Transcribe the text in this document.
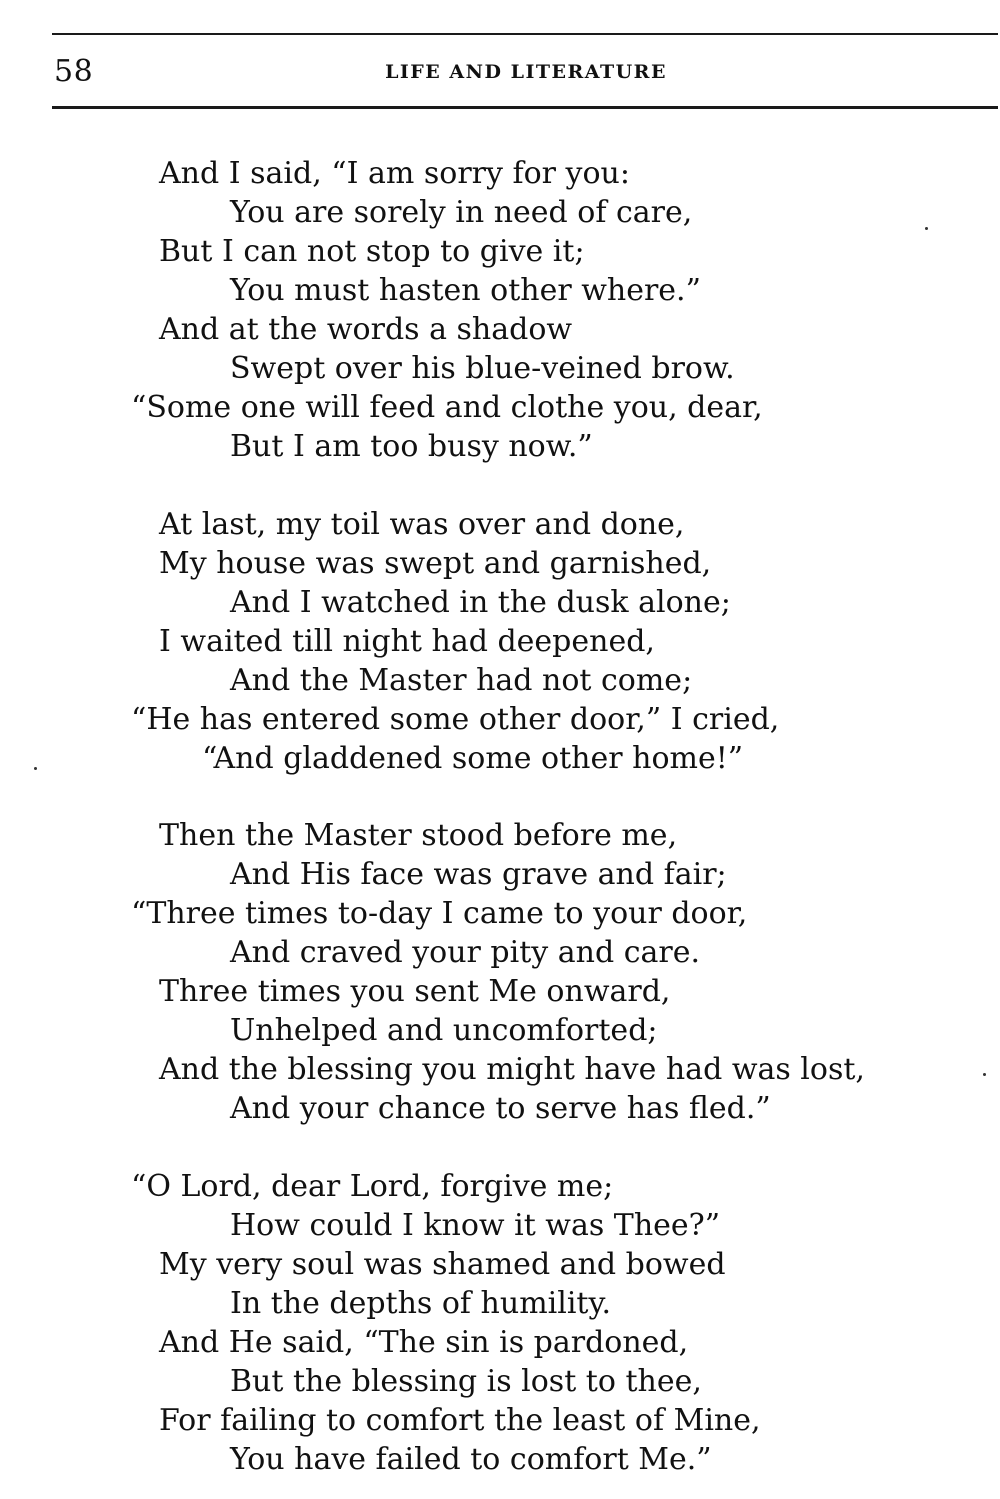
58	LIFE AND LITERATURE
And I said, “I am sorry for you:
You are sorely in need of care,
But I can not stop to give it;
You must hasten other where.”
And at the words a shadow
Swept over his blue-veined brow.
“Some one will feed and clothe you, dear,
But I am too busy now.”
At last, my toil was over and done,
My house was swept and garnished,
And I watched in the dusk alone;
I waited till night had deepened,
And the Master had not come;
“He has entered some other door,” I cried,
“And gladdened some other home!”
Then the Master stood before me,
And His face was grave and fair;
“Three times to-day I came to your door,
And craved your pity and care.
Three times you sent Me onward,
Unhelped and uncomforted;
And the blessing you might have had was lost,
And your chance to serve has fled.”
“O Lord, dear Lord, forgive me;
How could I know it was Thee?”
My very soul was shamed and bowed
In the depths of humility.
And He said, “The sin is pardoned,
But the blessing is lost to thee,
For failing to comfort the least of Mine,
You have failed to comfort Me.”
